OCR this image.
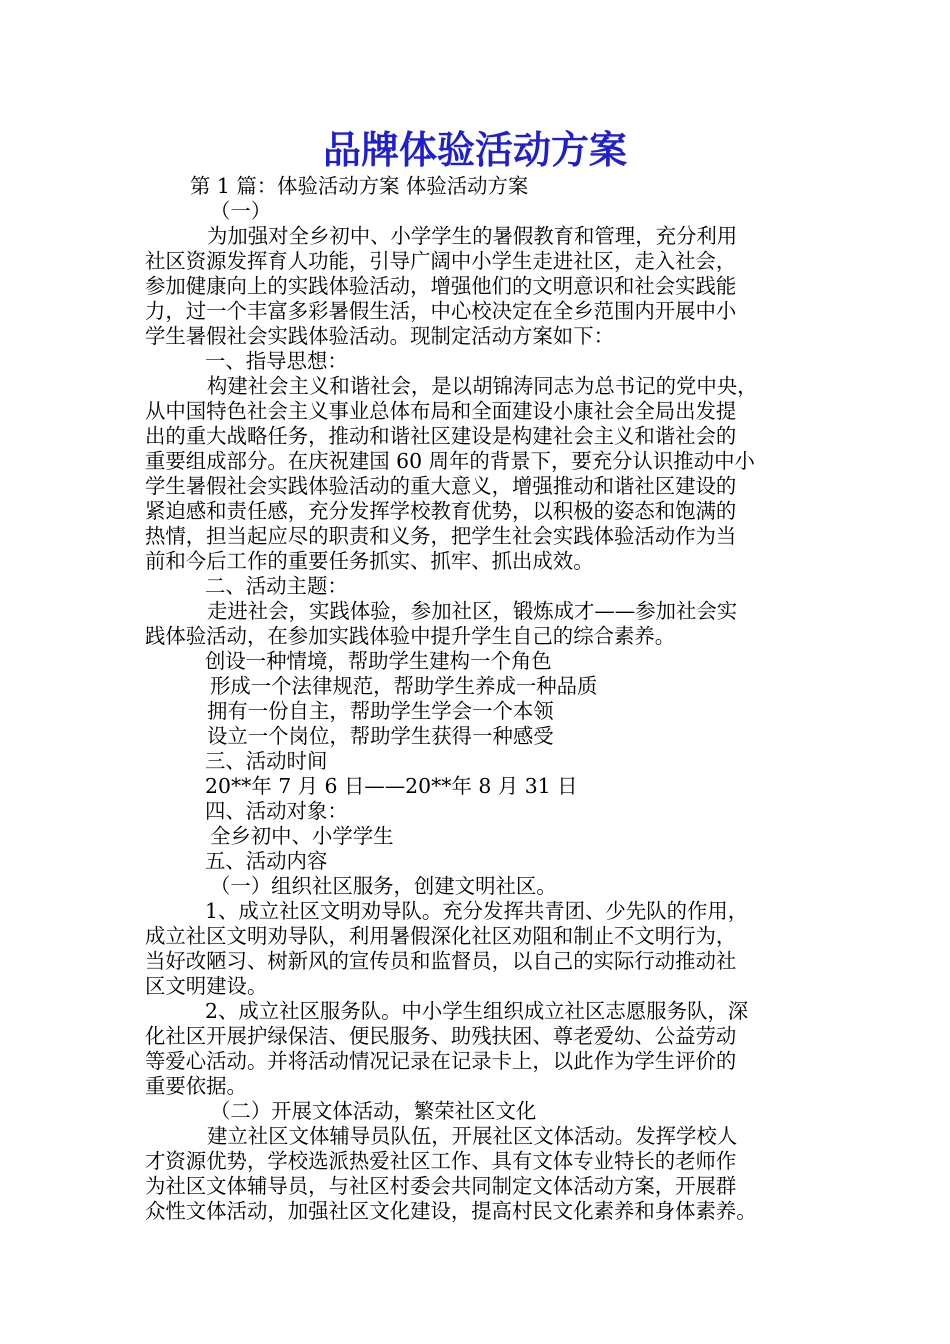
品牌体验活动方案

第 1 篇：体验活动方案 体验活动方案

（一）

为加强对全乡初中、小学学生的暑假教育和管理，充分利用
社区资源发挥育人功能，引导广阔中小学生走进社区，走入社会，
参加健康向上的实践体验活动，增强他们的文明意识和社会实践能
力，过一个丰富多彩暑假生活，中心校决定在全乡范围内开展中小
学生暑假社会实践体验活动。现制定活动方案如下：

一、指导思想：

构建社会主义和谐社会，是以胡锦涛同志为总书记的党中央，
从中国特色社会主义事业总体布局和全面建设小康社会全局出发提
出的重大战略任务，推动和谐社区建设是构建社会主义和谐社会的
重要组成部分。在庆祝建国 60 周年的背景下，要充分认识推动中小
学生暑假社会实践体验活动的重大意义，增强推动和谐社区建设的
紧迫感和责任感，充分发挥学校教育优势，以积极的姿态和饱满的
热情，担当起应尽的职责和义务，把学生社会实践体验活动作为当
前和今后工作的重要任务抓实、抓牢、抓出成效。

二、活动主题：

走进社会，实践体验，参加社区，锻炼成才——参加社会实
践体验活动，在参加实践体验中提升学生自己的综合素养。

创设一种情境，帮助学生建构一个角色

形成一个法律规范，帮助学生养成一种品质

拥有一份自主，帮助学生学会一个本领

设立一个岗位，帮助学生获得一种感受

三、活动时间

20**年 7 月 6 日——20**年 8 月 31 日

四、活动对象：

全乡初中、小学学生

五、活动内容

（一）组织社区服务，创建文明社区。

1、成立社区文明劝导队。充分发挥共青团、少先队的作用，
成立社区文明劝导队，利用暑假深化社区劝阻和制止不文明行为，
当好改陋习、树新风的宣传员和监督员，以自己的实际行动推动社
区文明建设。

2、成立社区服务队。中小学生组织成立社区志愿服务队，深
化社区开展护绿保洁、便民服务、助残扶困、尊老爱幼、公益劳动
等爱心活动。并将活动情况记录在记录卡上，以此作为学生评价的
重要依据。

（二）开展文体活动，繁荣社区文化

建立社区文体辅导员队伍，开展社区文体活动。发挥学校人
才资源优势，学校选派热爱社区工作、具有文体专业特长的老师作
为社区文体辅导员，与社区村委会共同制定文体活动方案，开展群
众性文体活动，加强社区文化建设，提高村民文化素养和身体素养。
